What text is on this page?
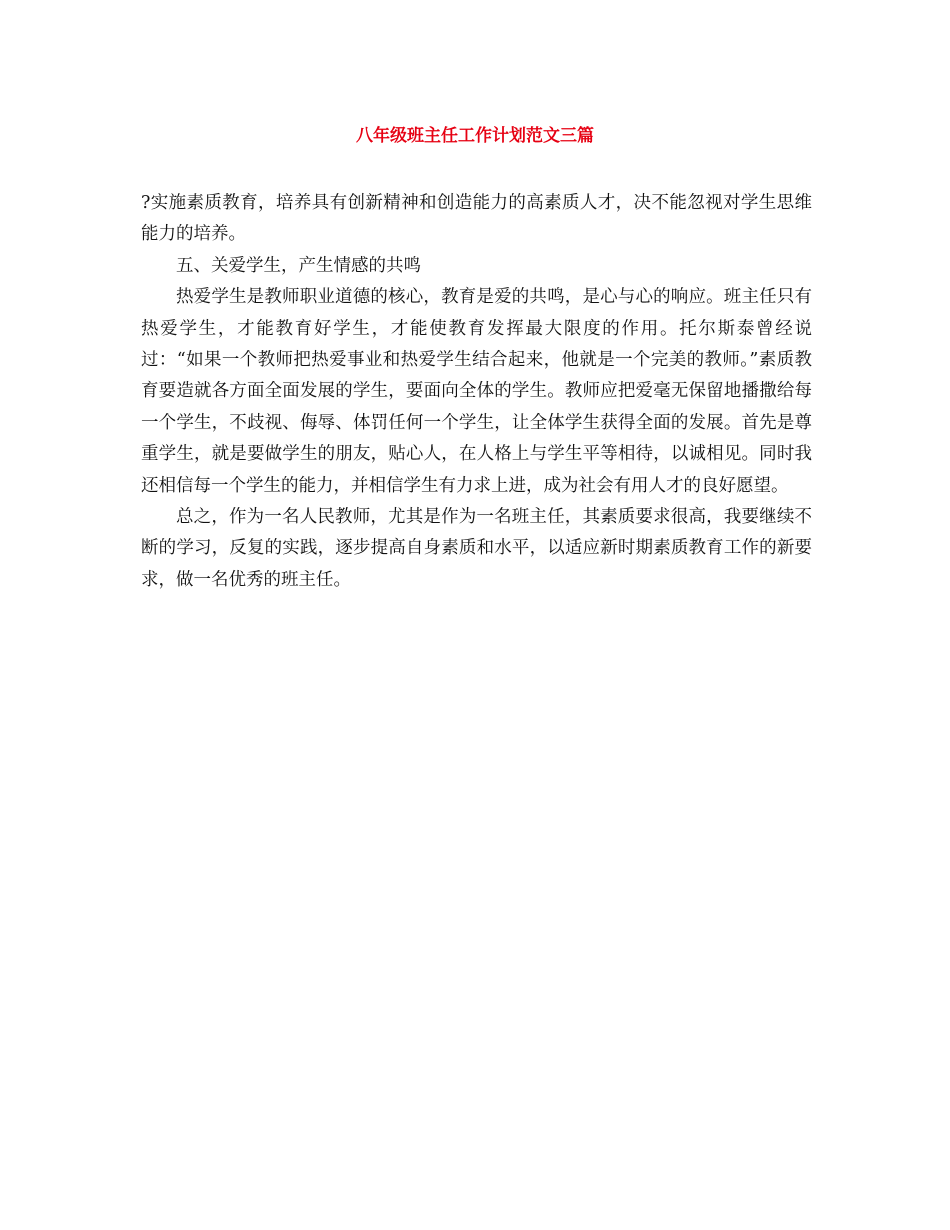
八年级班主任工作计划范文三篇

?实施素质教育，培养具有创新精神和创造能力的高素质人才，决不能忽视对学生思维能力的培养。

五、关爱学生，产生情感的共鸣

热爱学生是教师职业道德的核心，教育是爱的共鸣，是心与心的响应。班主任只有热爱学生，才能教育好学生，才能使教育发挥最大限度的作用。托尔斯泰曾经说过：“如果一个教师把热爱事业和热爱学生结合起来，他就是一个完美的教师。”素质教育要造就各方面全面发展的学生，要面向全体的学生。教师应把爱毫无保留地播撒给每一个学生，不歧视、侮辱、体罚任何一个学生，让全体学生获得全面的发展。首先是尊重学生，就是要做学生的朋友，贴心人，在人格上与学生平等相待，以诚相见。同时我还相信每一个学生的能力，并相信学生有力求上进，成为社会有用人才的良好愿望。

总之，作为一名人民教师，尤其是作为一名班主任，其素质要求很高，我要继续不断的学习，反复的实践，逐步提高自身素质和水平，以适应新时期素质教育工作的新要求，做一名优秀的班主任。
